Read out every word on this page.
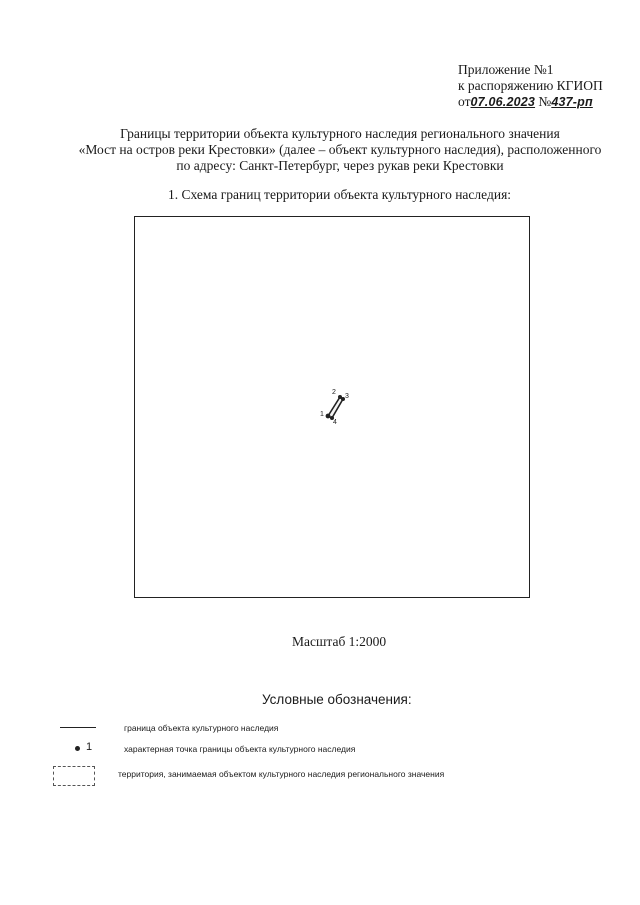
Приложение №1
к распоряжению КГИОП
от07.06.2023 №437-рп
Границы территории объекта культурного наследия регионального значения
«Мост на остров реки Крестовки» (далее – объект культурного наследия), расположенного
по адресу: Санкт-Петербург, через рукав реки Крестовки
1. Схема границ территории объекта культурного наследия:
2
3
1
4
Масштаб 1:2000
Условные обозначения:
граница объекта культурного наследия
1	характерная точка границы объекта культурного наследия
территория, занимаемая объектом культурного наследия регионального значения
